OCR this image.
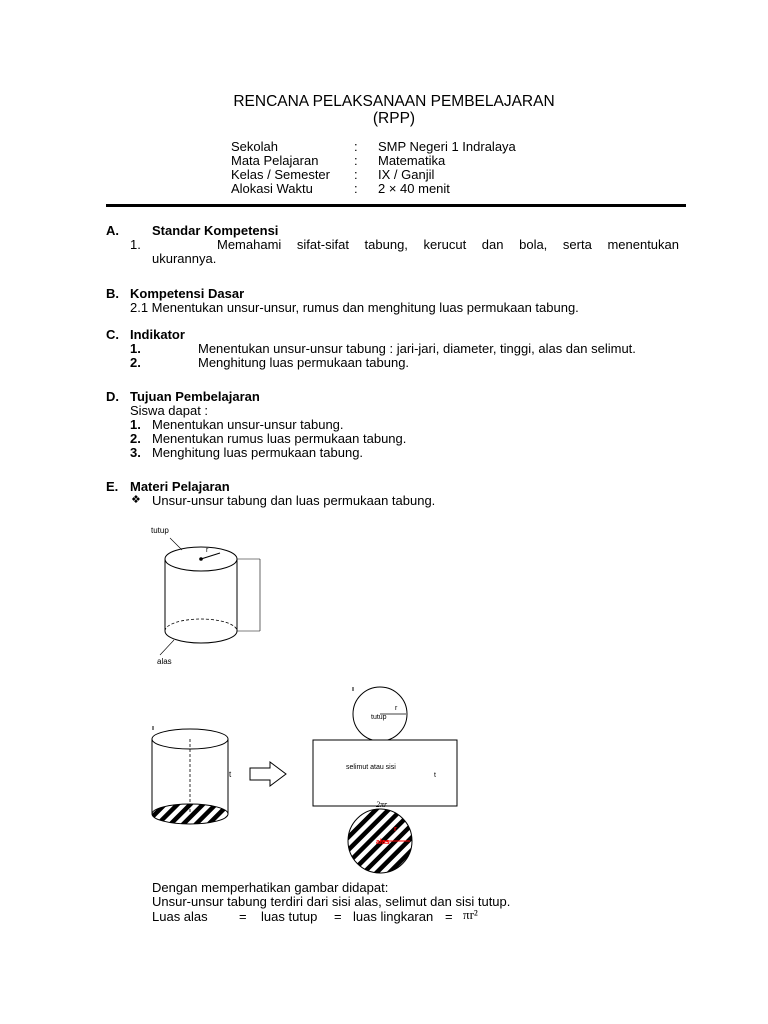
RENCANA PELAKSANAAN PEMBELAJARAN
(RPP)
Sekolah	: SMP Negeri 1 Indralaya
Mata Pelajaran	: Matematika
Kelas / Semester : IX / Ganjil
Alokasi Waktu	: 2 × 40 menit
A.	Standar Kompetensi
1.	Memahami sifat-sifat tabung, kerucut dan bola, serta menentukan
ukurannya.
B. Kompetensi Dasar
2.1 Menentukan unsur-unsur, rumus dan menghitung luas permukaan tabung.
C. Indikator
1.	Menentukan unsur-unsur tabung : jari-jari, diameter, tinggi, alas dan selimut.
2.	Menghitung luas permukaan tabung.
D. Tujuan Pembelajaran
Siswa dapat :
1. Menentukan unsur-unsur tabung.
2. Menentukan rumus luas permukaan tabung.
3. Menghitung luas permukaan tabung.
E. Materi Pelajaran
❖ Unsur-unsur tabung dan luas permukaan tabung.
tutup
r
alas
t
r
tutup
selimut atau sisi
t
2πr
r
alas
Dengan memperhatikan gambar didapat:
Unsur-unsur tabung terdiri dari sisi alas, selimut dan sisi tutup.
Luas alas = luas tutup = luas lingkaran = πr²
